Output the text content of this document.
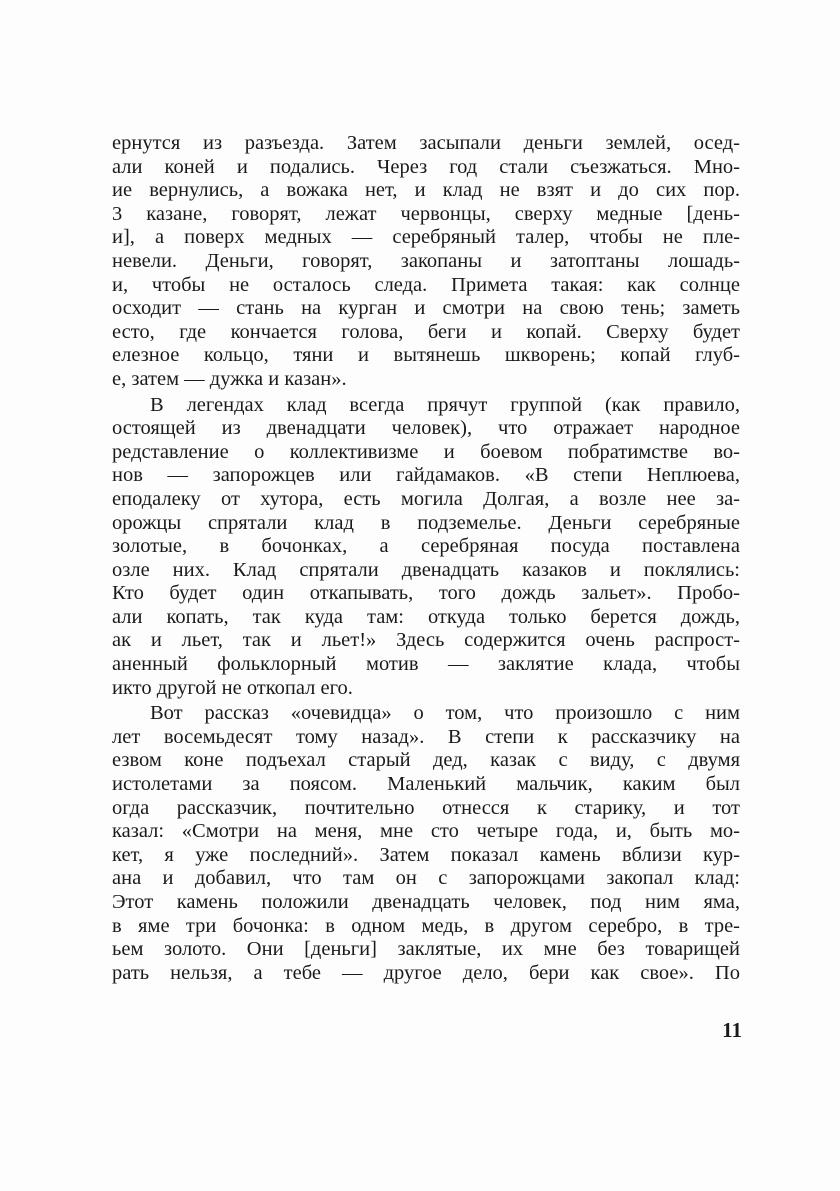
ернутся из разъезда. Затем засыпали деньги землей, осед-
али коней и подались. Через год стали съезжаться. Мно-
ие вернулись, а вожака нет, и клад не взят и до сих пор.
3 казане, говорят, лежат червонцы, сверху медные [день-
и], а поверх медных — серебряный талер, чтобы не пле-
невели. Деньги, говорят, закопаны и затоптаны лошадь-
и, чтобы не осталось следа. Примета такая: как солнце
осходит — стань на курган и смотри на свою тень; заметь
есто, где кончается голова, беги и копай. Сверху будет
елезное кольцо, тяни и вытянешь шкворень; копай глуб-
е, затем — дужка и казан».
В легендах клад всегда прячут группой (как правило,
остоящей из двенадцати человек), что отражает народное
редставление о коллективизме и боевом побратимстве во-
нов — запорожцев или гайдамаков. «В степи Неплюева,
еподалеку от хутора, есть могила Долгая, а возле нее за-
орожцы спрятали клад в подземелье. Деньги серебряные
золотые, в бочонках, а серебряная посуда поставлена
озле них. Клад спрятали двенадцать казаков и поклялись:
Кто будет один откапывать, того дождь зальет». Пробо-
али копать, так куда там: откуда только берется дождь,
ак и льет, так и льет!» Здесь содержится очень распрост-
аненный фольклорный мотив — заклятие клада, чтобы
икто другой не откопал его.
Вот рассказ «очевидца» о том, что произошло с ним
лет восемьдесят тому назад». В степи к рассказчику на
езвом коне подъехал старый дед, казак с виду, с двумя
истолетами за поясом. Маленький мальчик, каким был
огда рассказчик, почтительно отнесся к старику, и тот
казал: «Смотри на меня, мне сто четыре года, и, быть мо-
кет, я уже последний». Затем показал камень вблизи кур-
ана и добавил, что там он с запорожцами закопал клад:
Этот камень положили двенадцать человек, под ним яма,
в яме три бочонка: в одном медь, в другом серебро, в тре-
ьем золото. Они [деньги] заклятые, их мне без товарищей
рать нельзя, а тебе — другое дело, бери как свое». По
11
